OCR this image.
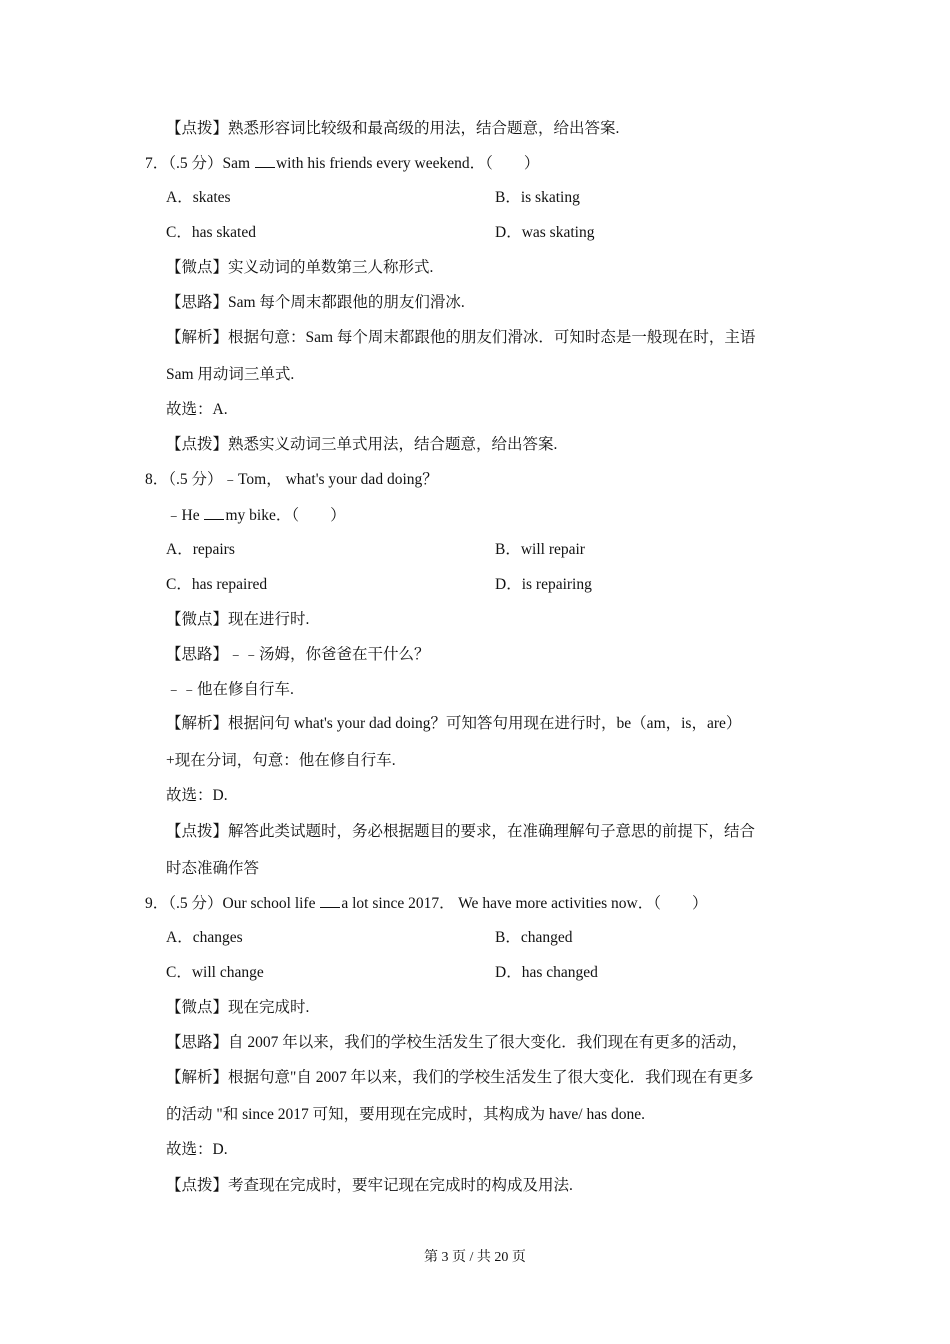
【点拨】熟悉形容词比较级和最高级的用法，结合题意，给出答案.
7．（.5 分）Sam with his friends every weekend．（　　）
A．skates	B．is skating
C．has skated	D．was skating
【微点】实义动词的单数第三人称形式.
【思路】Sam 每个周末都跟他的朋友们滑冰.
【解析】根据句意：Sam 每个周末都跟他的朋友们滑冰．可知时态是一般现在时，主语
Sam 用动词三单式.
故选：A.
【点拨】熟悉实义动词三单式用法，结合题意，给出答案.
8．（.5 分）﹣Tom， what's your dad doing？
﹣He my bike．（　　）
A．repairs	B．will repair
C．has repaired	D．is repairing
【微点】现在进行时.
【思路】﹣﹣汤姆，你爸爸在干什么？
﹣﹣他在修自行车.
【解析】根据问句 what's your dad doing？可知答句用现在进行时，be（am，is，are）
+现在分词，句意：他在修自行车.
故选：D.
【点拨】解答此类试题时，务必根据题目的要求，在准确理解句子意思的前提下，结合
时态准确作答
9．（.5 分）Our school life a lot since 2017． We have more activities now．（　　）
A．changes	B．changed
C．will change	D．has changed
【微点】现在完成时.
【思路】自 2007 年以来，我们的学校生活发生了很大变化．我们现在有更多的活动，
【解析】根据句意"自 2007 年以来，我们的学校生活发生了很大变化．我们现在有更多
的活动 "和 since 2017 可知，要用现在完成时，其构成为 have/ has done.
故选：D.
【点拨】考查现在完成时，要牢记现在完成时的构成及用法.
第 3 页 / 共 20 页
